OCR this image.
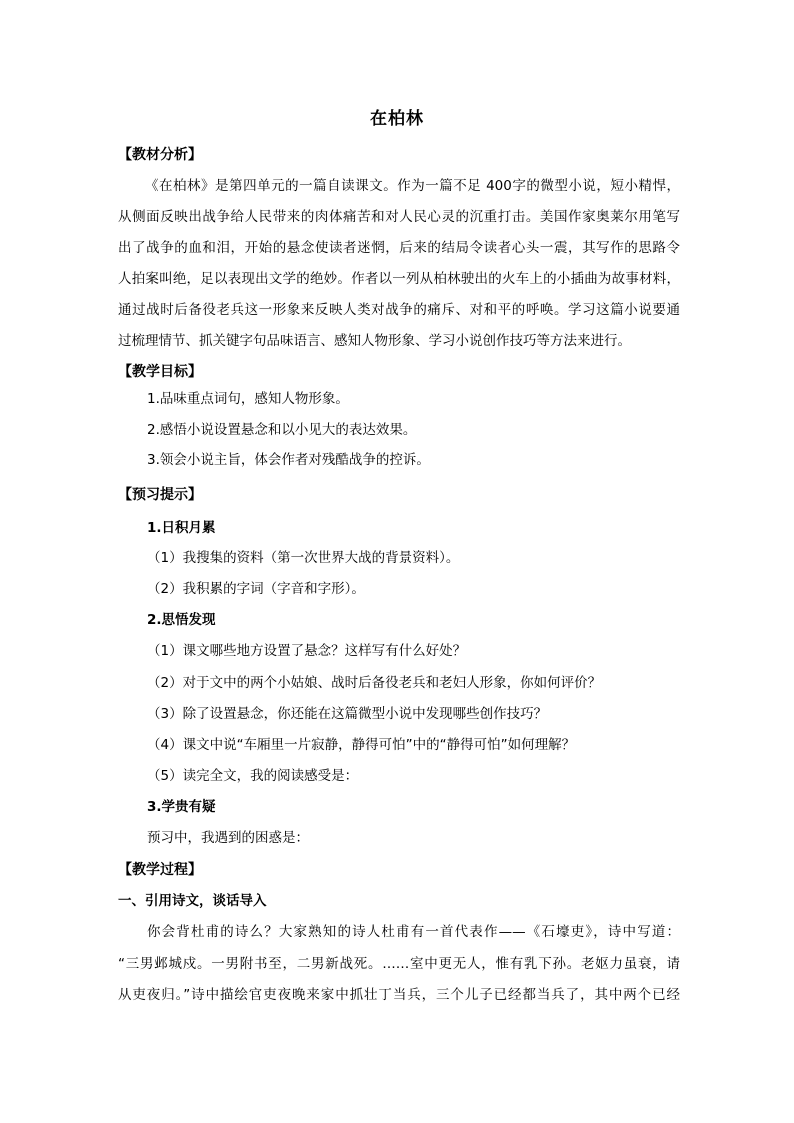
在柏林
【教材分析】
《在柏林》是第四单元的一篇自读课文。作为一篇不足 400字的微型小说，短小精悍，
从侧面反映出战争给人民带来的肉体痛苦和对人民心灵的沉重打击。美国作家奥莱尔用笔写
出了战争的血和泪，开始的悬念使读者迷惘，后来的结局令读者心头一震，其写作的思路令
人拍案叫绝，足以表现出文学的绝妙。作者以一列从柏林驶出的火车上的小插曲为故事材料，
通过战时后备役老兵这一形象来反映人类对战争的痛斥、对和平的呼唤。学习这篇小说要通
过梳理情节、抓关键字句品味语言、感知人物形象、学习小说创作技巧等方法来进行。
【教学目标】
1.品味重点词句，感知人物形象。
2.感悟小说设置悬念和以小见大的表达效果。
3.领会小说主旨，体会作者对残酷战争的控诉。
【预习提示】
1.日积月累
（1）我搜集的资料（第一次世界大战的背景资料）。
（2）我积累的字词（字音和字形）。
2.思悟发现
（1）课文哪些地方设置了悬念？这样写有什么好处？
（2）对于文中的两个小姑娘、战时后备役老兵和老妇人形象，你如何评价？
（3）除了设置悬念，你还能在这篇微型小说中发现哪些创作技巧？
（4）课文中说“车厢里一片寂静，静得可怕”中的“静得可怕”如何理解？
（5）读完全文，我的阅读感受是：
3.学贵有疑
预习中，我遇到的困惑是：
【教学过程】
一、引用诗文，谈话导入
你会背杜甫的诗么？大家熟知的诗人杜甫有一首代表作——《石壕吏》，诗中写道：
“三男邺城戍。一男附书至，二男新战死。……室中更无人，惟有乳下孙。老妪力虽衰，请
从吏夜归。”诗中描绘官吏夜晚来家中抓壮丁当兵，三个儿子已经都当兵了，其中两个已经
